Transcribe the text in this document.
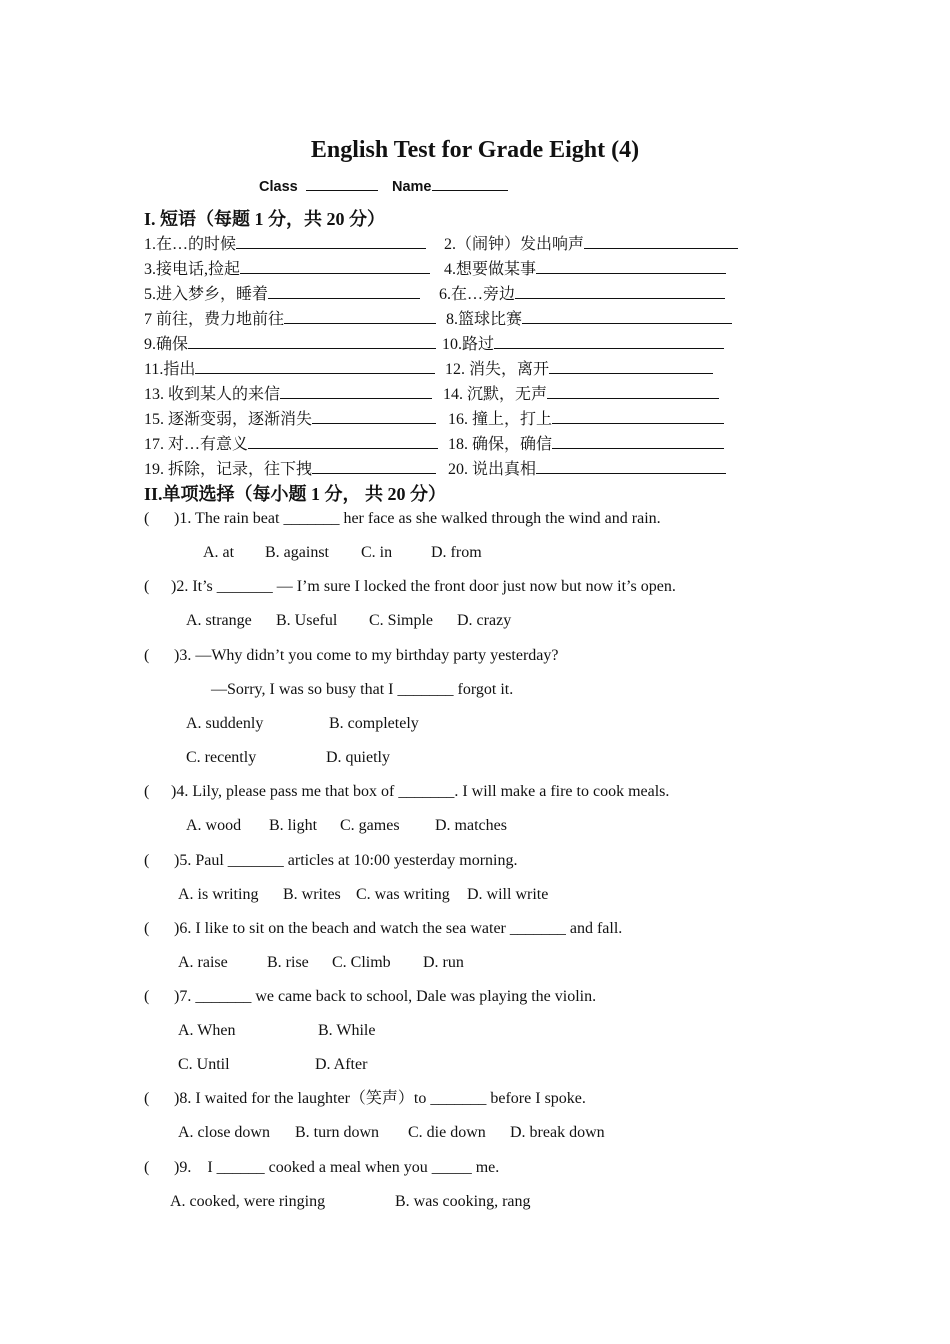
English Test for Grade Eight (4)
Class	Name
I. 短语（每题 1 分，共 20 分）
1.在…的时候	2.（闹钟）发出响声
3.接电话,捡起	4.想要做某事
5.进入梦乡，睡着	6.在…旁边
7 前往，费力地前往	8.篮球比赛
9.确保	10.路过
11.指出	12. 消失，离开
13. 收到某人的来信	14. 沉默，无声
15. 逐渐变弱，逐渐消失	16. 撞上，打上
17. 对…有意义	18. 确保，确信
19. 拆除，记录，往下拽	20. 说出真相
II.单项选择（每小题 1 分， 共 20 分）
( )1. The rain beat _______ her face as she walked through the wind and rain.
A. at B. against C. in D. from
( )2. It’s _______ — I’m sure I locked the front door just now but now it’s open.
A. strange B. Useful C. Simple D. crazy
( )3. —Why didn’t you come to my birthday party yesterday?
—Sorry, I was so busy that I _______ forgot it.
A. suddenly	B. completely
C. recently	D. quietly
( )4. Lily, please pass me that box of _______. I will make a fire to cook meals.
A. wood B. light C. games D. matches
( )5. Paul _______ articles at 10:00 yesterday morning.
A. is writing B. writes C. was writing D. will write
( )6. I like to sit on the beach and watch the sea water _______ and fall.
A. raise B. rise C. Climb D. run
( )7. _______ we came back to school, Dale was playing the violin.
A. When	B. While
C. Until	D. After
( )8. I waited for the laughter（笑声）to _______ before I spoke.
A. close down B. turn down C. die down D. break down
( )9.    I ______ cooked a meal when you _____ me.
A. cooked, were ringing	B. was cooking, rang
